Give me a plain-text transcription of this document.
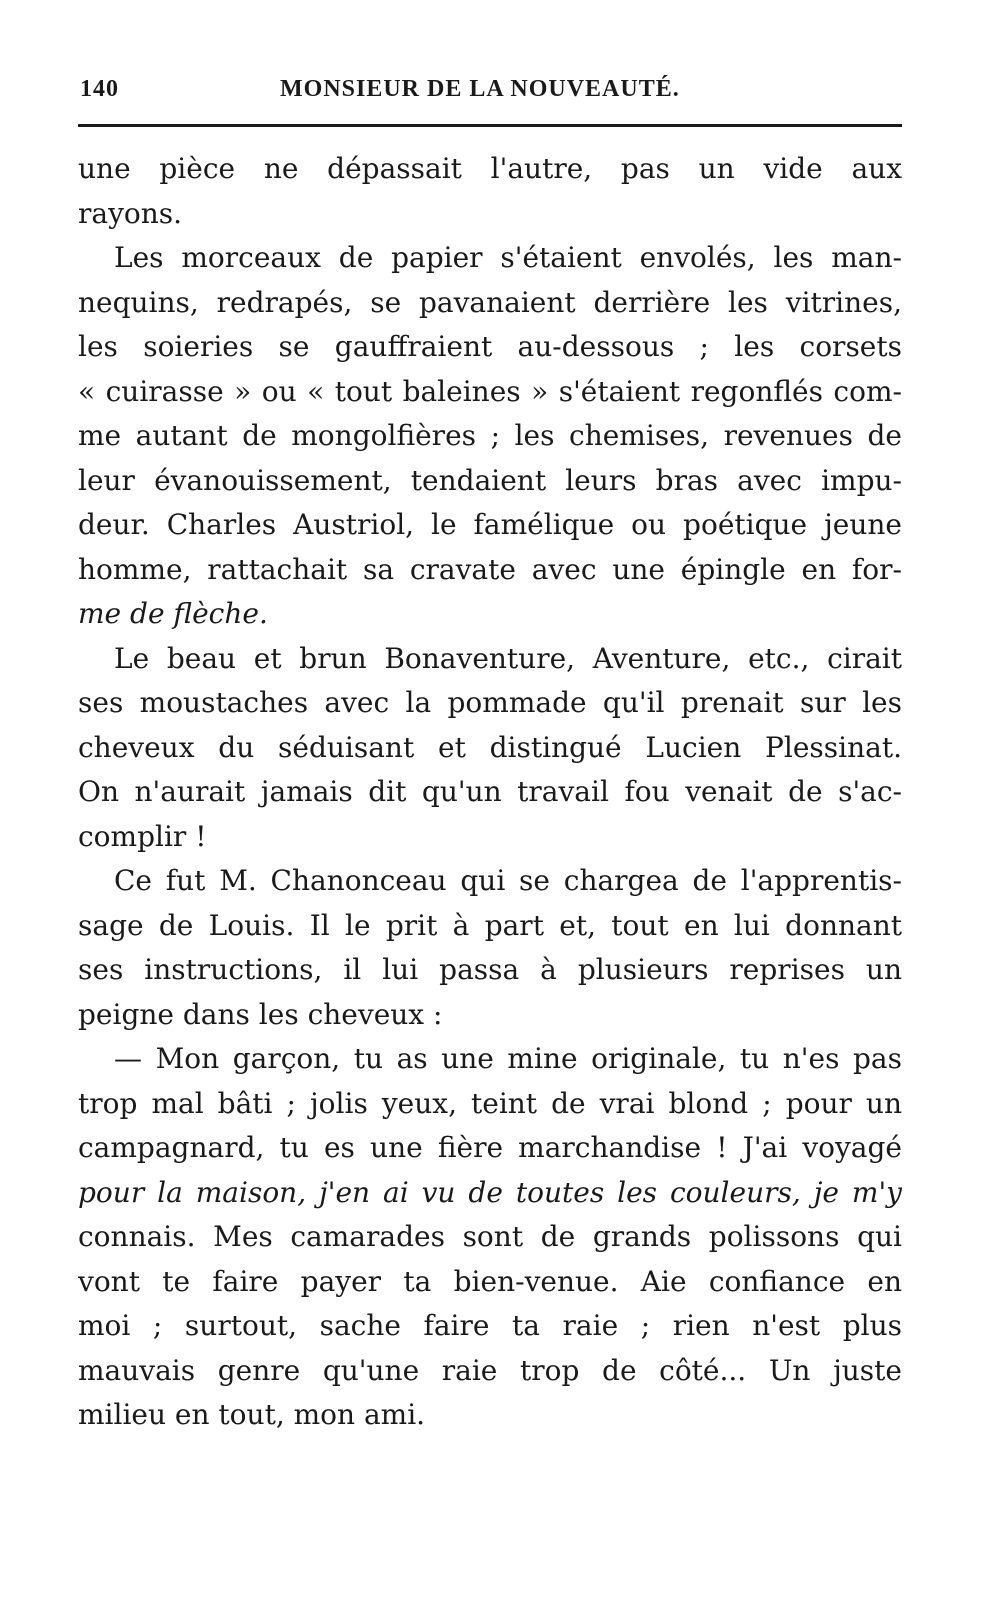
140	MONSIEUR DE LA NOUVEAUTÉ.
une pièce ne dépassait l'autre, pas un vide aux
rayons.
Les morceaux de papier s'étaient envolés, les man-
nequins, redrapés, se pavanaient derrière les vitrines,
les soieries se gauffraient au-dessous ; les corsets
« cuirasse » ou « tout baleines » s'étaient regonflés com-
me autant de mongolfières ; les chemises, revenues de
leur évanouissement, tendaient leurs bras avec impu-
deur. Charles Austriol, le famélique ou poétique jeune
homme, rattachait sa cravate avec une épingle en for-
me de flèche.
Le beau et brun Bonaventure, Aventure, etc., cirait
ses moustaches avec la pommade qu'il prenait sur les
cheveux du séduisant et distingué Lucien Plessinat.
On n'aurait jamais dit qu'un travail fou venait de s'ac-
complir !
Ce fut M. Chanonceau qui se chargea de l'apprentis-
sage de Louis. Il le prit à part et, tout en lui donnant
ses instructions, il lui passa à plusieurs reprises un
peigne dans les cheveux :
— Mon garçon, tu as une mine originale, tu n'es pas
trop mal bâti ; jolis yeux, teint de vrai blond ; pour un
campagnard, tu es une fière marchandise ! J'ai voyagé
pour la maison, j'en ai vu de toutes les couleurs, je m'y
connais. Mes camarades sont de grands polissons qui
vont te faire payer ta bien-venue. Aie confiance en
moi ; surtout, sache faire ta raie ; rien n'est plus
mauvais genre qu'une raie trop de côté... Un juste
milieu en tout, mon ami.
